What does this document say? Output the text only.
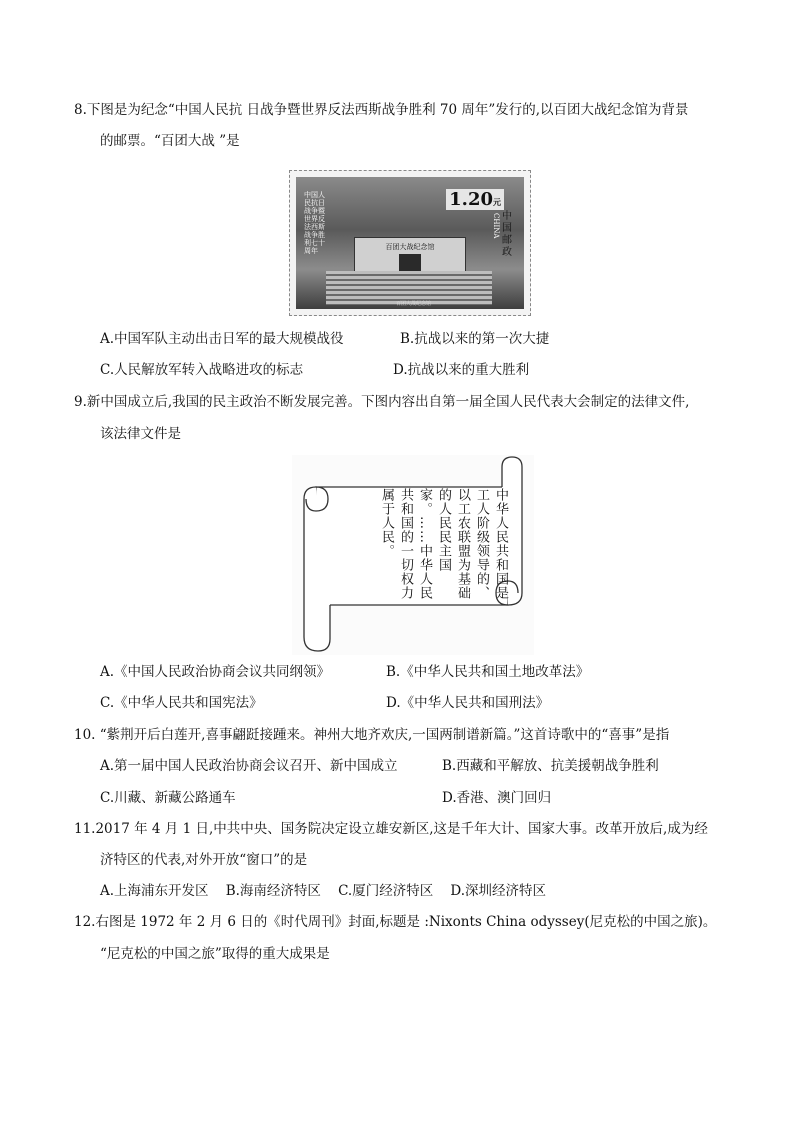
8.下图是为纪念“中国人民抗 日战争暨世界反法西斯战争胜利 70 周年”发行的,以百团大战纪念馆为背景
的邮票。“百团大战 ”是
中国人民抗日战争暨世界反法西斯战争胜利七十周年
1.20元
CHINA 中国邮政
百团大战纪念馆
百团大战纪念馆
A.中国军队主动出击日军的最大规模战役	B.抗战以来的第一次大捷
C.人民解放军转入战略进攻的标志	D.抗战以来的重大胜利
9.新中国成立后,我国的民主政治不断发展完善。下图内容出自第一届全国人民代表大会制定的法律文件,
该法律文件是
中华人民共和国是工人阶级领导的、以工农联盟为基础的人民民主国家。……中华人民共和国的一切权力属于人民。
A.《中国人民政治协商会议共同纲领》	B.《中华人民共和国土地改革法》
C.《中华人民共和国宪法》	D.《中华人民共和国刑法》
10. “紫荆开后白莲开,喜事翩跹接踵来。神州大地齐欢庆,一国两制谱新篇。”这首诗歌中的“喜事”是指
A.第一届中国人民政治协商会议召开、新中国成立	B.西藏和平解放、抗美援朝战争胜利
C.川藏、新藏公路通车	D.香港、澳门回归
11.2017 年 4 月 1 日,中共中央、国务院决定设立雄安新区,这是千年大计、国家大事。改革开放后,成为经
济特区的代表,对外开放“窗口”的是
A.上海浦东开发区    B.海南经济特区    C.厦门经济特区    D.深圳经济特区
12.右图是 1972 年 2 月 6 日的《时代周刊》封面,标题是 :Nixonts China odyssey(尼克松的中国之旅)。
“尼克松的中国之旅”取得的重大成果是
